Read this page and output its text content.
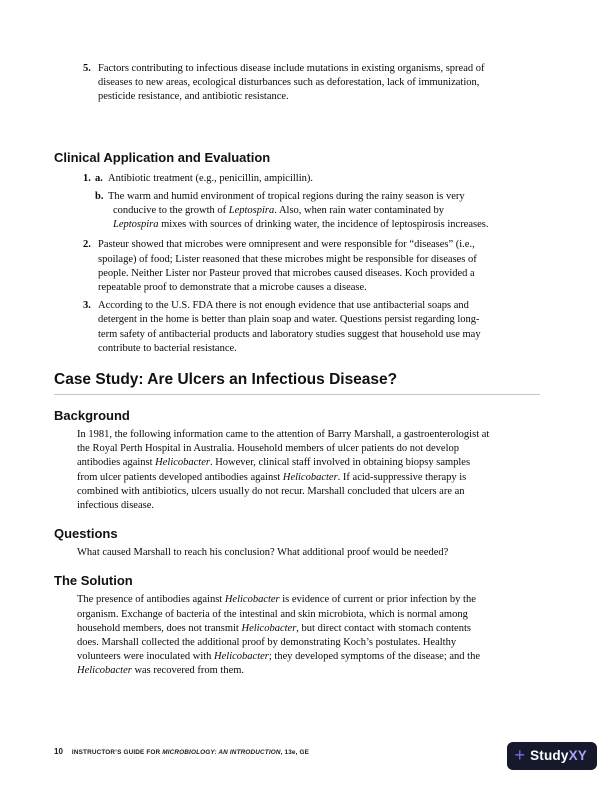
5. Factors contributing to infectious disease include mutations in existing organisms, spread of diseases to new areas, ecological disturbances such as deforestation, lack of immunization, pesticide resistance, and antibiotic resistance.
Clinical Application and Evaluation
1. a. Antibiotic treatment (e.g., penicillin, ampicillin).
b. The warm and humid environment of tropical regions during the rainy season is very conducive to the growth of Leptospira. Also, when rain water contaminated by Leptospira mixes with sources of drinking water, the incidence of leptospirosis increases.
2. Pasteur showed that microbes were omnipresent and were responsible for “diseases” (i.e., spoilage) of food; Lister reasoned that these microbes might be responsible for diseases of people. Neither Lister nor Pasteur proved that microbes caused diseases. Koch provided a repeatable proof to demonstrate that a microbe causes a disease.
3. According to the U.S. FDA there is not enough evidence that use antibacterial soaps and detergent in the home is better than plain soap and water. Questions persist regarding long-term safety of antibacterial products and laboratory studies suggest that household use may contribute to bacterial resistance.
Case Study: Are Ulcers an Infectious Disease?
Background
In 1981, the following information came to the attention of Barry Marshall, a gastroenterologist at the Royal Perth Hospital in Australia. Household members of ulcer patients do not develop antibodies against Helicobacter. However, clinical staff involved in obtaining biopsy samples from ulcer patients developed antibodies against Helicobacter. If acid-suppressive therapy is combined with antibiotics, ulcers usually do not recur. Marshall concluded that ulcers are an infectious disease.
Questions
What caused Marshall to reach his conclusion? What additional proof would be needed?
The Solution
The presence of antibodies against Helicobacter is evidence of current or prior infection by the organism. Exchange of bacteria of the intestinal and skin microbiota, which is normal among household members, does not transmit Helicobacter, but direct contact with stomach contents does. Marshall collected the additional proof by demonstrating Koch’s postulates. Healthy volunteers were inoculated with Helicobacter; they developed symptoms of the disease; and the Helicobacter was recovered from them.
10 INSTRUCTOR’S GUIDE FOR MICROBIOLOGY: AN INTRODUCTION, 13e, GE	+ StudyXY
